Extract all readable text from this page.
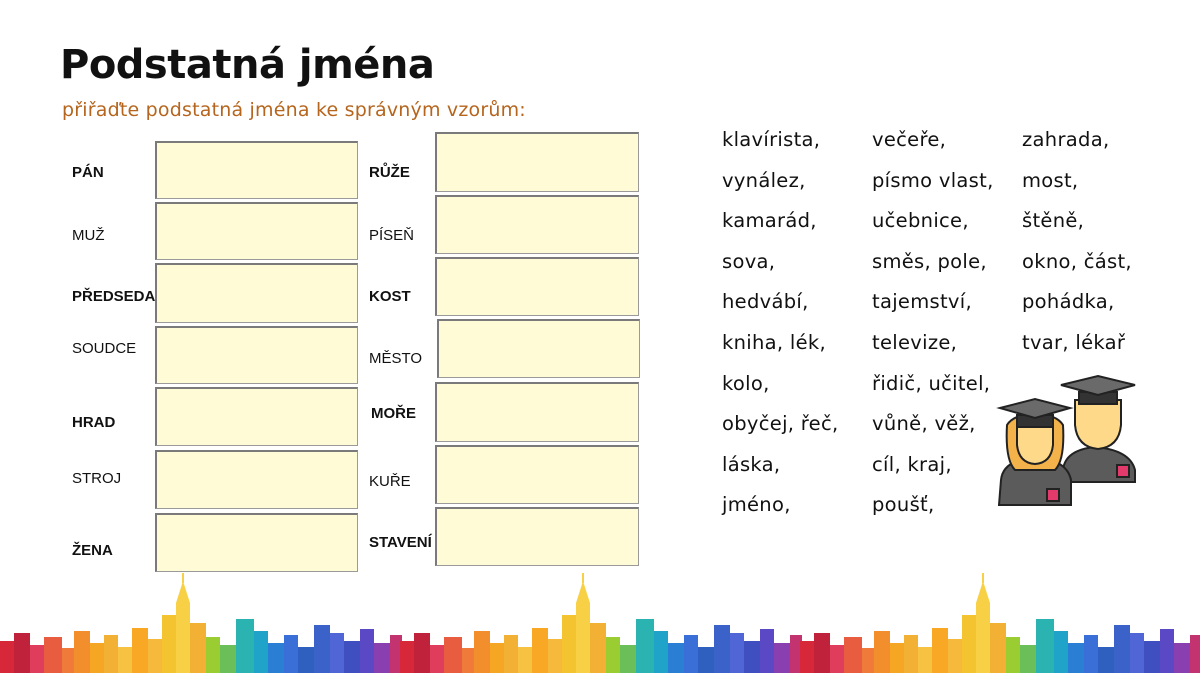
Podstatná jména
přiřaďte podstatná jména ke správným vzorům:
PÁN
MUŽ
PŘEDSEDA
SOUDCE
HRAD
STROJ
ŽENA
RŮŽE
PÍSEŇ
KOST
MĚSTO
MOŘE
KUŘE
STAVENÍ
klavírista,
vynález,
kamarád,
sova,
hedvábí,
kniha, lék,
kolo,
obyčej, řeč,
láska,
jméno,
večeře,
písmo vlast,
učebnice,
směs, pole,
tajemství,
televize,
řidič, učitel,
vůně, věž,
cíl, kraj,
poušť,
zahrada,
most,
štěně,
okno, část,
pohádka,
tvar, lékař
